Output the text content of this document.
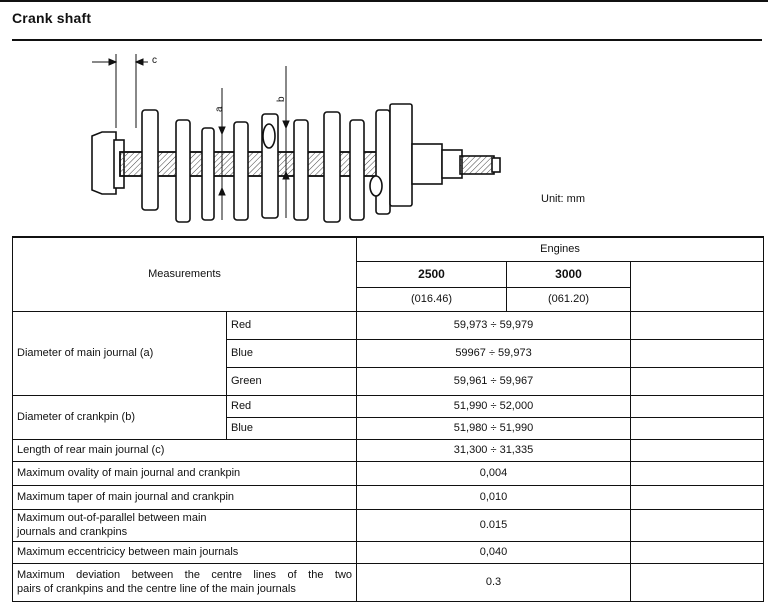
Crank shaft
c
a
b
Unit: mm
Measurements		Engines		
		2500	3000	
		(016.46)	(061.20)	
Diameter of main journal (a)	Red	59,973 ÷ 59,979		
	Blue	59967 ÷ 59,973		
	Green	59,961 ÷ 59,967		
Diameter of crankpin (b)	Red	51,990 ÷ 52,000		
	Blue	51,980 ÷ 51,990		
Length of rear main journal (c)		31,300 ÷ 31,335		
Maximum ovality of main journal and crankpin		0,004		
Maximum taper of main journal and crankpin		0,010		
Maximum out-of-parallel between main journals and crankpins		0.015		
Maximum eccentricicy between main journals		0,040		

Maximum deviation between the centre lines of the two
pairs of crankpins and the centre line of the main journals		0.3		
